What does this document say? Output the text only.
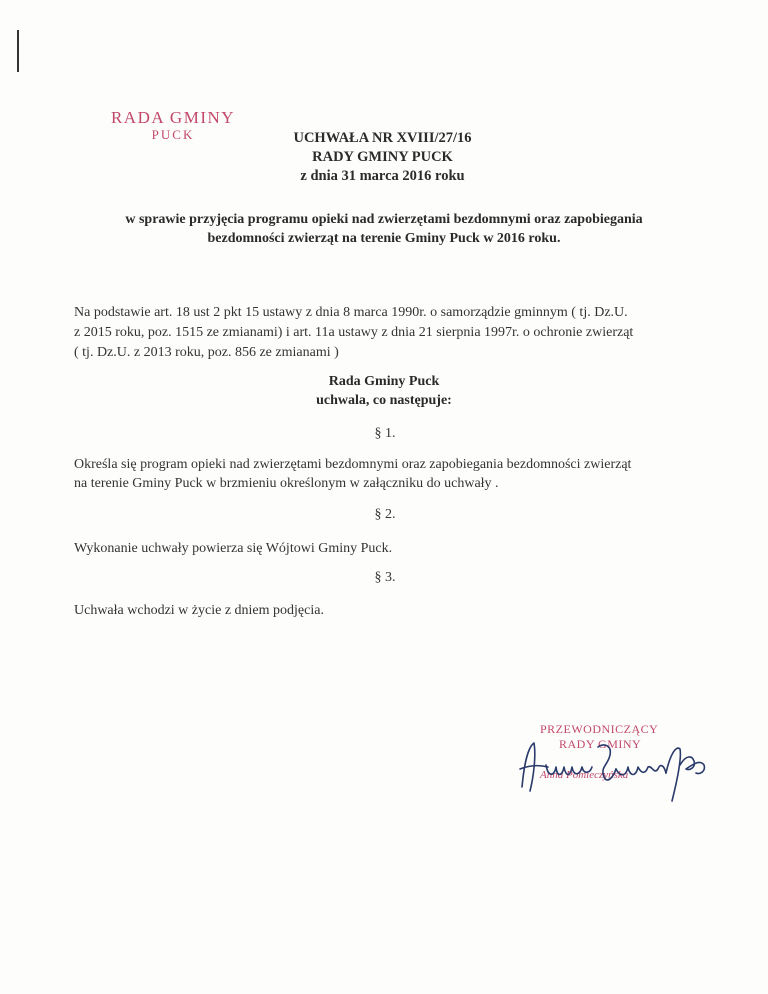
RADA GMINY
PUCK	UCHWAŁA NR XVIII/27/16
RADY GMINY PUCK
z dnia 31 marca 2016 roku
w sprawie przyjęcia programu opieki nad zwierzętami bezdomnymi oraz zapobiegania
bezdomności zwierząt na terenie Gminy Puck w 2016 roku.
Na podstawie art. 18 ust 2 pkt 15 ustawy z dnia 8 marca 1990r. o samorządzie gminnym ( tj. Dz.U.
z 2015 roku, poz. 1515 ze zmianami) i art. 11a ustawy z dnia 21 sierpnia 1997r. o ochronie zwierząt
( tj. Dz.U. z 2013 roku, poz. 856 ze zmianami )
Rada Gminy Puck
uchwala, co następuje:
§ 1.
Określa się program opieki nad zwierzętami bezdomnymi oraz zapobiegania bezdomności zwierząt
na terenie Gminy Puck w brzmieniu określonym w załączniku do uchwały .
§ 2.
Wykonanie uchwały powierza się Wójtowi Gminy Puck.
§ 3.
Uchwała wchodzi w życie z dniem podjęcia.
PRZEWODNICZĄCY
RADY GMINY
Anna Pomieczyńska
